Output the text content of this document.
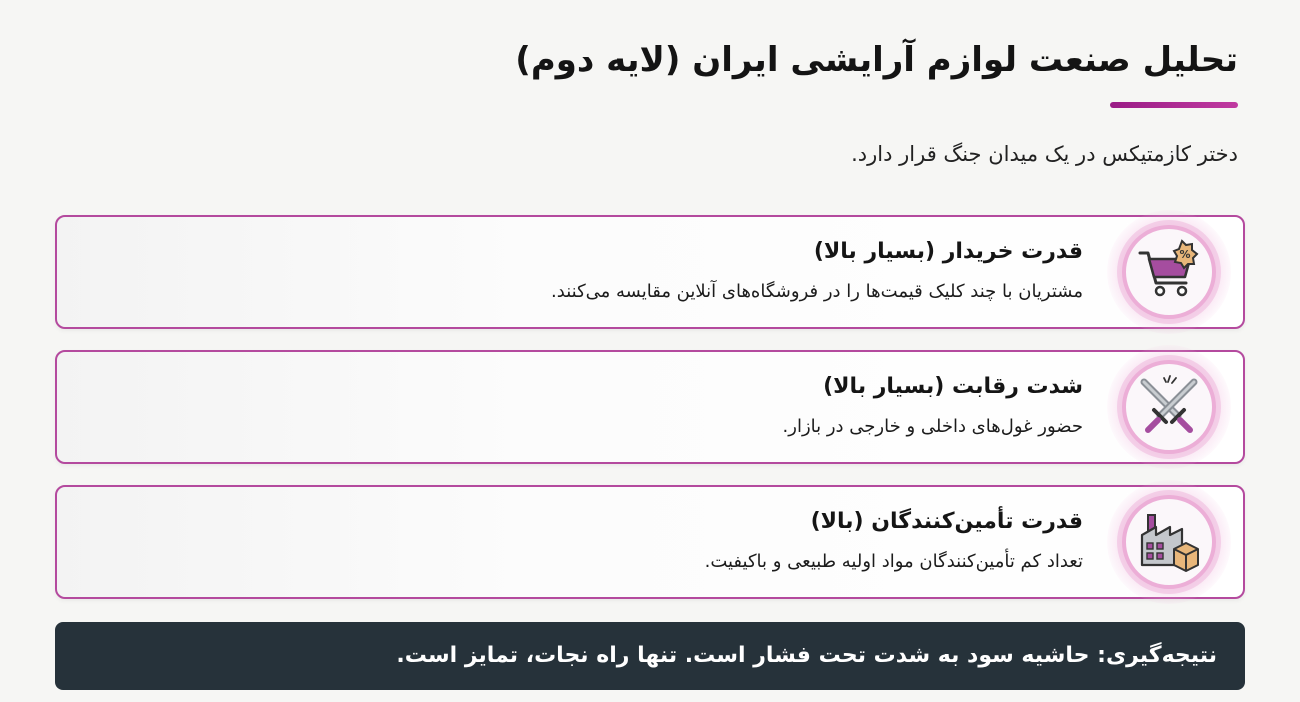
تحلیل صنعت لوازم آرایشی ایران (لایه دوم)

دختر کازمتیکس در یک میدان جنگ قرار دارد.

%
قدرت خریدار (بسیار بالا)
مشتریان با چند کلیک قیمت‌ها را در فروشگاه‌های آنلاین مقایسه می‌کنند.
شدت رقابت (بسیار بالا)
حضور غول‌های داخلی و خارجی در بازار.
قدرت تأمین‌کنندگان (بالا)
تعداد کم تأمین‌کنندگان مواد اولیه طبیعی و باکیفیت.
نتیجه‌گیری: حاشیه سود به شدت تحت فشار است. تنها راه نجات، تمایز است.
